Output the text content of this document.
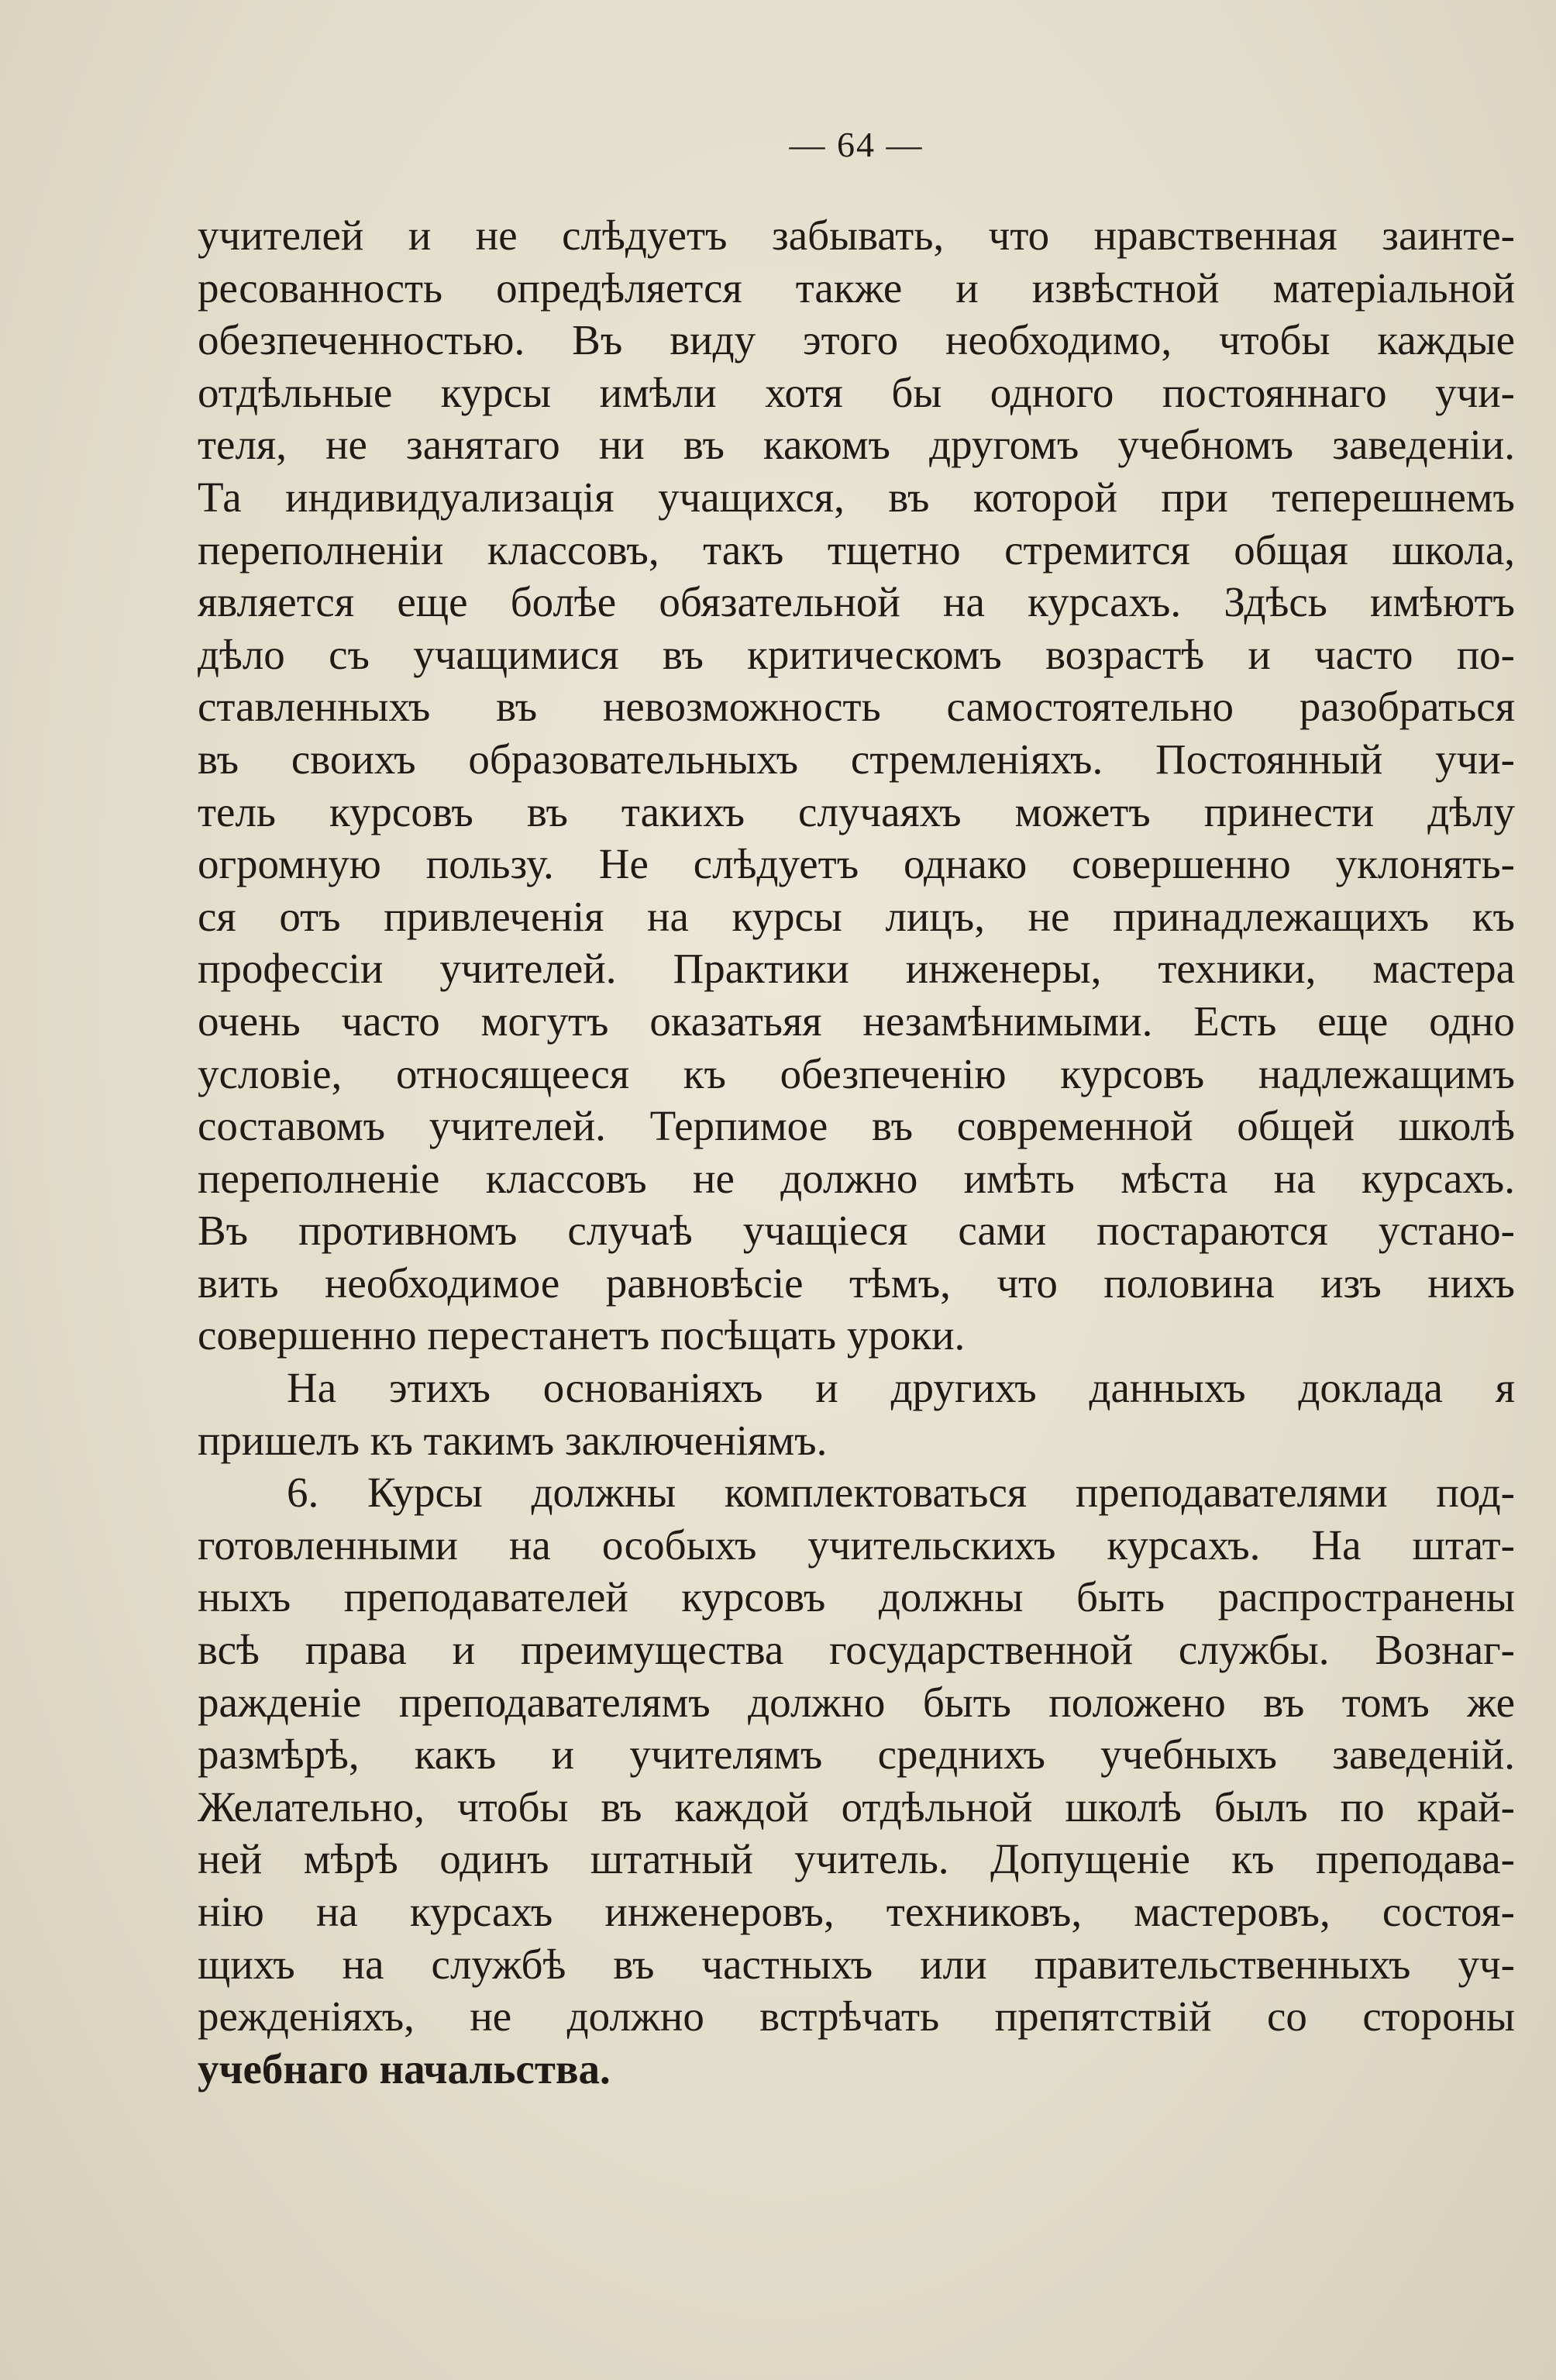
— 64 —
учителей и не слѣдуетъ забывать, что нравственная заинте-
ресованность опредѣляется также и извѣстной матеріальной
обезпеченностью. Въ виду этого необходимо, чтобы каждые
отдѣльные курсы имѣли хотя бы одного постояннаго учи-
теля, не занятаго ни въ какомъ другомъ учебномъ заведеніи.
Та индивидуализація учащихся, въ которой при теперешнемъ
переполненіи классовъ, такъ тщетно стремится общая школа,
является еще болѣе обязательной на курсахъ. Здѣсь имѣютъ
дѣло съ учащимися въ критическомъ возрастѣ и часто по-
ставленныхъ въ невозможность самостоятельно разобраться
въ своихъ образовательныхъ стремленіяхъ. Постоянный учи-
тель курсовъ въ такихъ случаяхъ можетъ принести дѣлу
огромную пользу. Не слѣдуетъ однако совершенно уклонять-
ся отъ привлеченія на курсы лицъ, не принадлежащихъ къ
профессіи учителей. Практики инженеры, техники, мастера
очень часто могутъ оказатьяя незамѣнимыми. Есть еще одно
условіе, относящееся къ обезпеченію курсовъ надлежащимъ
составомъ учителей. Терпимое въ современной общей школѣ
переполненіе классовъ не должно имѣть мѣста на курсахъ.
Въ противномъ случаѣ учащіеся сами постараются устано-
вить необходимое равновѣсіе тѣмъ, что половина изъ нихъ
совершенно перестанетъ посѣщать уроки.
На этихъ основаніяхъ и другихъ данныхъ доклада я
пришелъ къ такимъ заключеніямъ.
6. Курсы должны комплектоваться преподавателями под-
готовленными на особыхъ учительскихъ курсахъ. На штат-
ныхъ преподавателей курсовъ должны быть распространены
всѣ права и преимущества государственной службы. Вознаг-
ражденіе преподавателямъ должно быть положено въ томъ же
размѣрѣ, какъ и учителямъ среднихъ учебныхъ заведеній.
Желательно, чтобы въ каждой отдѣльной школѣ былъ по край-
ней мѣрѣ одинъ штатный учитель. Допущеніе къ преподава-
нію на курсахъ инженеровъ, техниковъ, мастеровъ, состоя-
щихъ на службѣ въ частныхъ или правительственныхъ уч-
режденіяхъ, не должно встрѣчать препятствій со стороны
учебнаго начальства.
